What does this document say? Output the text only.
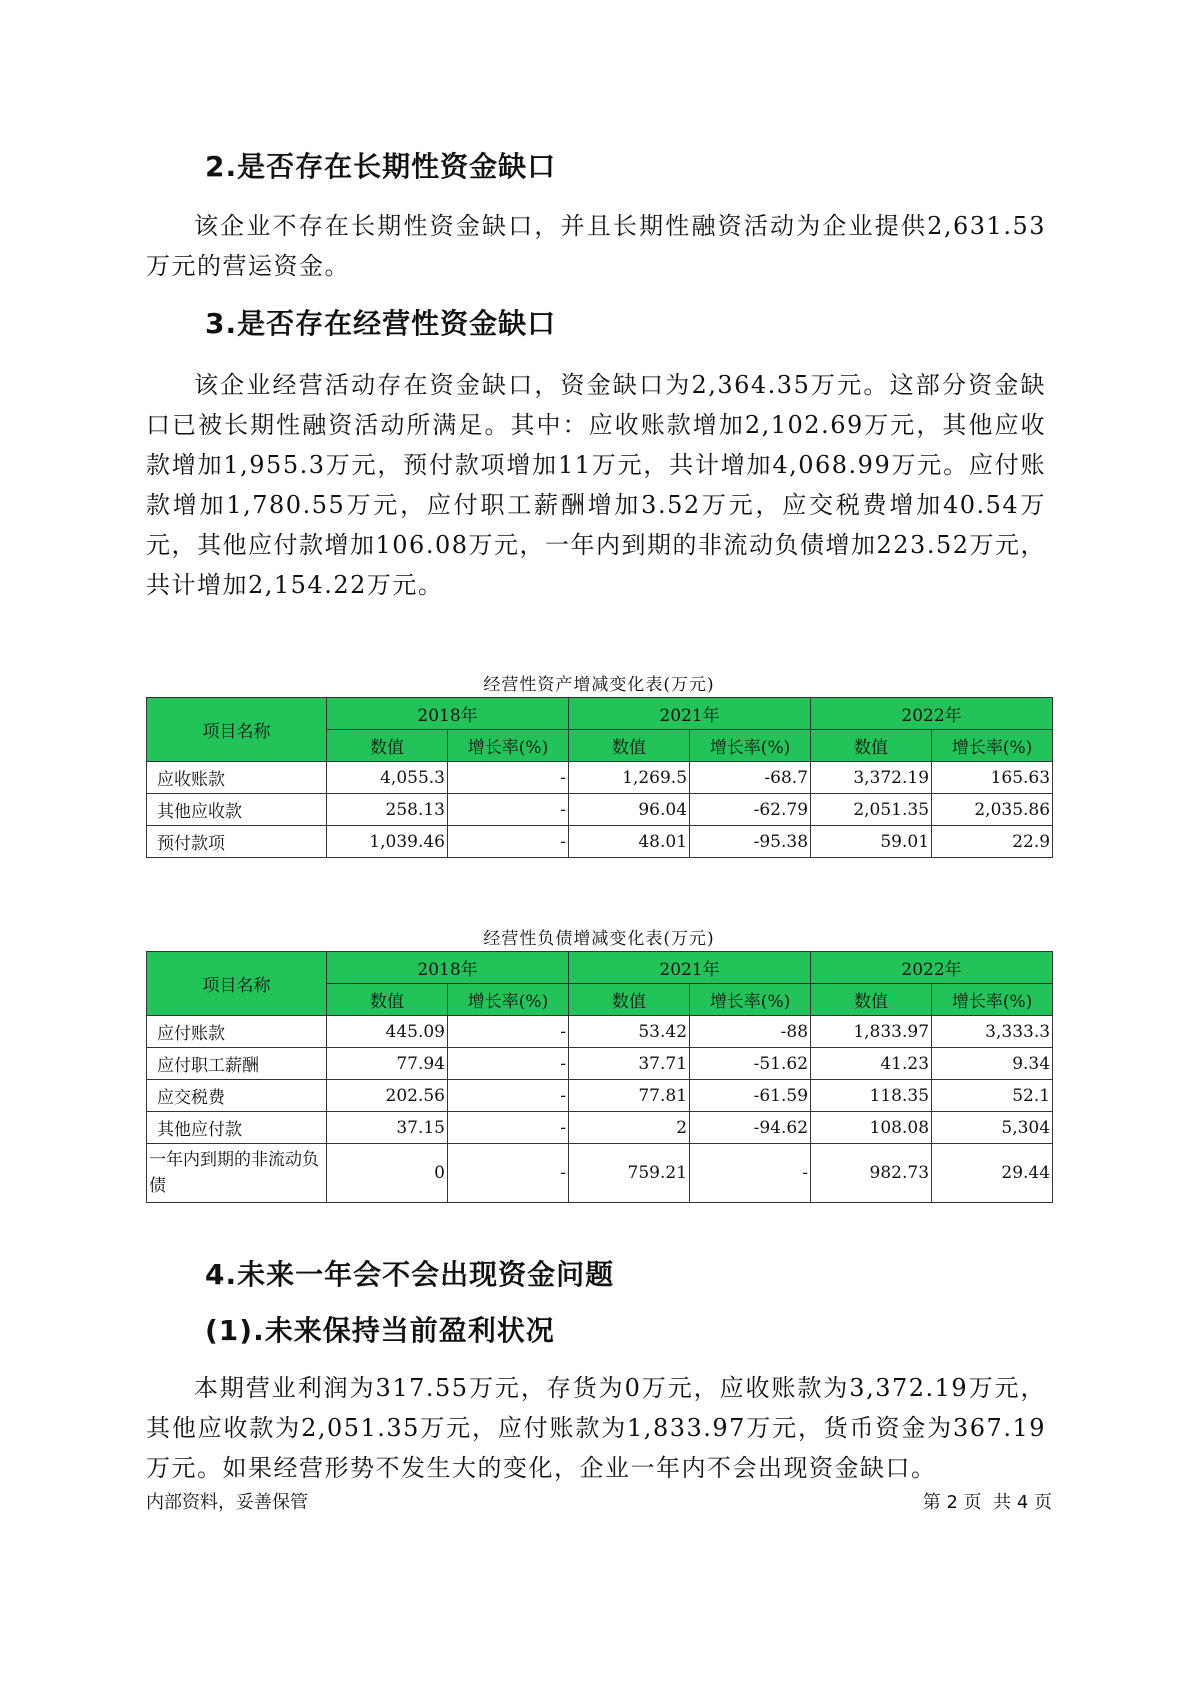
2.是否存在长期性资金缺口

该企业不存在长期性资金缺口，并且长期性融资活动为企业提供2,631.53万元的营运资金。

3.是否存在经营性资金缺口

该企业经营活动存在资金缺口，资金缺口为2,364.35万元。这部分资金缺口已被长期性融资活动所满足。其中：应收账款增加2,102.69万元，其他应收款增加1,955.3万元，预付款项增加11万元，共计增加4,068.99万元。应付账款增加1,780.55万元，应付职工薪酬增加3.52万元，应交税费增加40.54万元，其他应付款增加106.08万元，一年内到期的非流动负债增加223.52万元，共计增加2,154.22万元。

经营性资产增减变化表(万元)
项目名称	2018年		2021年		2022年	
	数值	增长率(%)	数值	增长率(%)	数值	增长率(%)
应收账款	4,055.3	-	1,269.5	-68.7	3,372.19	165.63
其他应收款	258.13	-	96.04	-62.79	2,051.35	2,035.86
预付款项	1,039.46	-	48.01	-95.38	59.01	22.9
经营性负债增减变化表(万元)
项目名称	2018年		2021年		2022年	
	数值	增长率(%)	数值	增长率(%)	数值	增长率(%)
应付账款	445.09	-	53.42	-88	1,833.97	3,333.3
应付职工薪酬	77.94	-	37.71	-51.62	41.23	9.34
应交税费	202.56	-	77.81	-61.59	118.35	52.1
其他应付款	37.15	-	2	-94.62	108.08	5,304
一年内到期的非流动负债	0	-	759.21	-	982.73	29.44
4.未来一年会不会出现资金问题
(1).未来保持当前盈利状况

本期营业利润为317.55万元，存货为0万元，应收账款为3,372.19万元，其他应收款为2,051.35万元，应付账款为1,833.97万元，货币资金为367.19万元。如果经营形势不发生大的变化，企业一年内不会出现资金缺口。

内部资料，妥善保管	第 2 页  共 4 页
